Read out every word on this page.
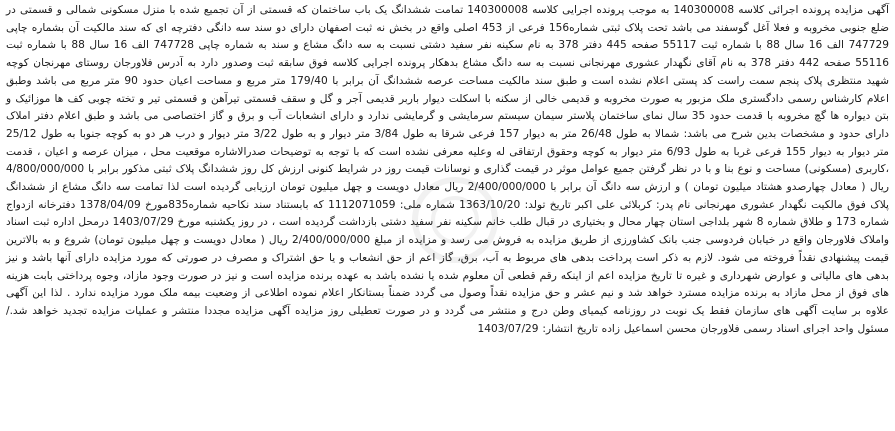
آگهی مزایده پرونده اجرائی کلاسه 140300008 به موجب پرونده اجرایی کلاسه 140300008 تمامت ششدانگ یک باب ساختمان که قسمتی از آن تجمیع شده با منزل مسکونی شمالی و قسمتی در ضلع جنوبی مخروبه و فعلا آغل گوسفند می باشد تحت پلاک ثبتی شماره156 فرعی از 453 اصلی واقع در بخش نه ثبت اصفهان دارای دو سند سه دانگی دفترچه ای که سند مالکیت آن بشماره چاپی 747729 الف 16 سال 88 با شماره ثبت 55117 صفحه 445 دفتر 378 به نام سکینه نفر سفید دشتی نسبت به سه دانگ مشاع و سند به شماره چاپی 747728 الف 16 سال 88 با شماره ثبت 55116 صفحه 442 دفتر 378 به نام آقای نگهدار عشوری مهرنجانی نسبت به سه دانگ مشاع بدهکار پرونده اجرایی کلاسه فوق سابقه ثبت وصدور دارد به آدرس فلاورجان روستای مهرنجان کوچه شهید منتظری پلاک پنجم سمت راست کد پستی اعلام نشده است و طبق سند مالکیت مساحت عرصه ششدانگ آن برابر با 179/40 متر مربع و مساحت اعیان حدود 90 متر مربع می باشد وطبق اعلام کارشناس رسمی دادگستری ملک مزبور به صورت مخروبه و قدیمی خالی از سکنه با اسکلت دیوار باربر قدیمی آجر و گل و سقف قسمتی تیرآهن و قسمتی تیر و تخته چوبی کف ها موزائیک و بتن دیواره ها گچ مخروبه با قدمت حدود 35 سال نمای ساختمان پلاستر سیمان سیستم سرمایشی و گرمایشی ندارد و دارای انشعابات آب و برق و گاز اختصاصی می باشد و طبق اعلام دفتر املاک دارای حدود و مشخصات بدین شرح می باشد: شمالا به طول 26/48 متر به دیوار 157 فرعی شرقا به طول 3/84 متر دیوار و به طول 3/22 متر دیوار و درب هر دو به کوچه جنوبا به طول 25/12 متر دیوار به دیوار 155 فرعی غربا به طول 6/93 متر دیوار به کوچه وحقوق ارتفاقی له وعلیه معرفی نشده است که با توجه به توضیحات صدرالاشاره موقعیت محل ، میزان عرصه و اعیان ، قدمت ،کاربری (مسکونی) مساحت و نوع بنا و با در نظر گرفتن جمیع عوامل موثر در قیمت گذاری و نوسانات قیمت روز در شرایط کنونی ارزش کل روز ششدانگ پلاک ثبتی مذکور برابر با 4/800/000/000 ریال ( معادل چهارصدو هشتاد میلیون تومان ) و ارزش سه دانگ آن برابر با 2/400/000/000 ریال معادل دویست و چهل میلیون تومان ارزیابی گردیده است لذا تمامت سه دانگ مشاع از ششدانگ پلاک فوق مالکیت نگهدار عشوری مهرنجانی نام پدر: کربلائی علی اکبر تاریخ تولد: 1363/10/20 شماره ملی: 1112071059 که بابستناد سند نکاحیه شماره835مورخ 1378/04/09 دفترخانه ازدواج شماره 173 و طلاق شماره 8 شهر بلداجی استان چهار محال و بختیاری در قبال طلب خانم سکینه نفر سفید دشتی بازداشت گردیده است ، در روز یکشنبه مورخ 1403/07/29 درمحل اداره ثبت اسناد واملاک فلاورجان واقع در خیابان فردوسی جنب بانک کشاورزی از طریق مزایده به فروش می رسد و مزایده از مبلغ 2/400/000/000 ریال ( معادل دویست و چهل میلیون تومان) شروع و به بالاترین قیمت پیشنهادی نقداً فروخته می شود. لازم به ذکر است پرداخت بدهی های مربوط به آب، برق، گاز اعم از حق انشعاب و یا حق اشتراک و مصرف در صورتی که مورد مزایده دارای آنها باشد و نیز بدهی های مالیاتی و عوارض شهرداری و غیره تا تاریخ مزایده اعم از اینکه رقم قطعی آن معلوم شده یا نشده باشد به عهده برنده مزایده است و نیز در صورت وجود مازاد، وجوه پرداختی بابت هزینه های فوق از محل مازاد به برنده مزایده مسترد خواهد شد و نیم عشر و حق مزایده نقداً وصول می گردد ضمناً بستانکار اعلام نموده اطلاعی از وضعیت بیمه ملک مورد مزایده ندارد . لذا این آگهی علاوه بر سایت آگهی های سازمان فقط یک نوبت در روزنامه کیمیای وطن درج و منتشر می گردد و در صورت تعطیلی روز مزایده آگهی مزایده مجددا منتشر و عملیات مزایده تجدید خواهد شد./ مسئول واحد اجرای اسناد رسمی فلاورجان محسن اسماعیل زاده تاریخ انتشار: 1403/07/29
